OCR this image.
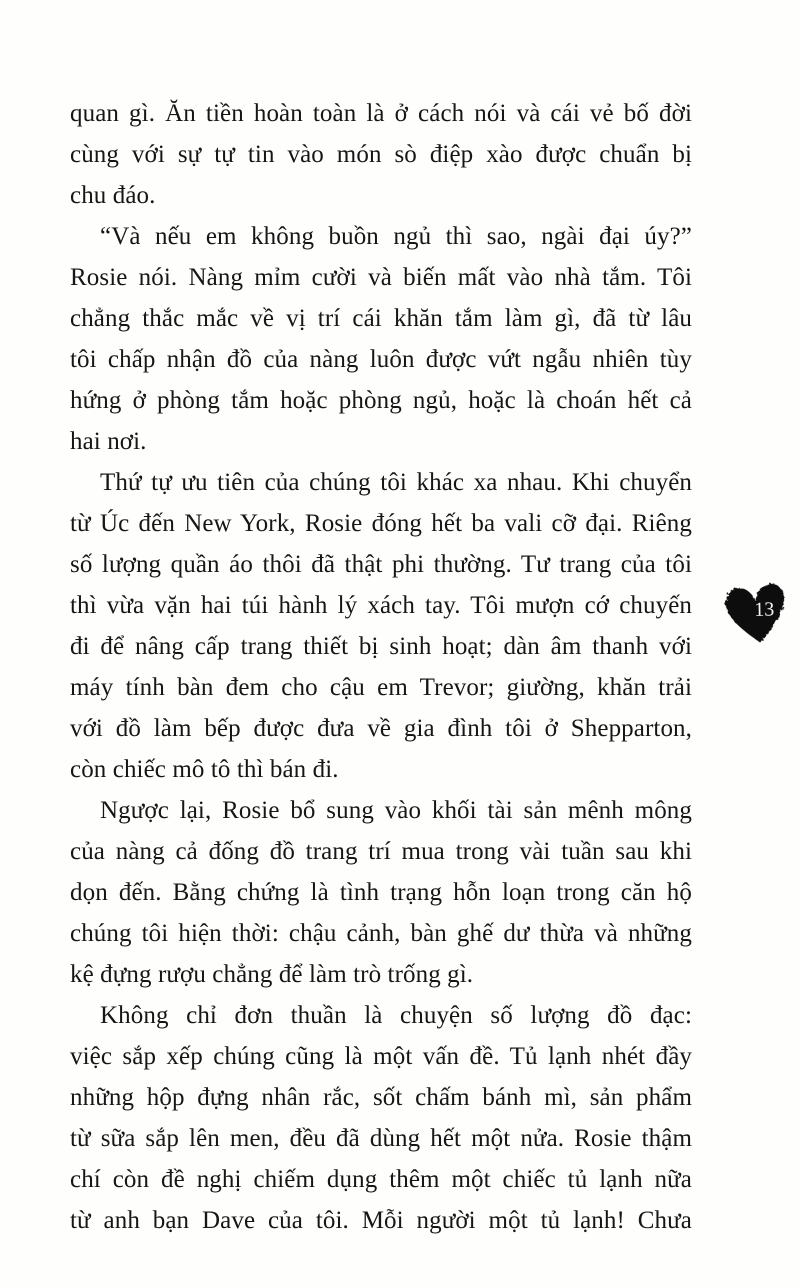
quan gì. Ăn tiền hoàn toàn là ở cách nói và cái vẻ bố đời
cùng với sự tự tin vào món sò điệp xào được chuẩn bị
chu đáo.
“Và nếu em không buồn ngủ thì sao, ngài đại úy?”
Rosie nói. Nàng mỉm cười và biến mất vào nhà tắm. Tôi
chẳng thắc mắc về vị trí cái khăn tắm làm gì, đã từ lâu
tôi chấp nhận đồ của nàng luôn được vứt ngẫu nhiên tùy
hứng ở phòng tắm hoặc phòng ngủ, hoặc là choán hết cả
hai nơi.
Thứ tự ưu tiên của chúng tôi khác xa nhau. Khi chuyển
từ Úc đến New York, Rosie đóng hết ba vali cỡ đại. Riêng
số lượng quần áo thôi đã thật phi thường. Tư trang của tôi
thì vừa vặn hai túi hành lý xách tay. Tôi mượn cớ chuyến
đi để nâng cấp trang thiết bị sinh hoạt; dàn âm thanh với
máy tính bàn đem cho cậu em Trevor; giường, khăn trải
với đồ làm bếp được đưa về gia đình tôi ở Shepparton,
còn chiếc mô tô thì bán đi.
Ngược lại, Rosie bổ sung vào khối tài sản mênh mông
của nàng cả đống đồ trang trí mua trong vài tuần sau khi
dọn đến. Bằng chứng là tình trạng hỗn loạn trong căn hộ
chúng tôi hiện thời: chậu cảnh, bàn ghế dư thừa và những
kệ đựng rượu chẳng để làm trò trống gì.
Không chỉ đơn thuần là chuyện số lượng đồ đạc:
việc sắp xếp chúng cũng là một vấn đề. Tủ lạnh nhét đầy
những hộp đựng nhân rắc, sốt chấm bánh mì, sản phẩm
từ sữa sắp lên men, đều đã dùng hết một nửa. Rosie thậm
chí còn đề nghị chiếm dụng thêm một chiếc tủ lạnh nữa
từ anh bạn Dave của tôi. Mỗi người một tủ lạnh! Chưa
13
